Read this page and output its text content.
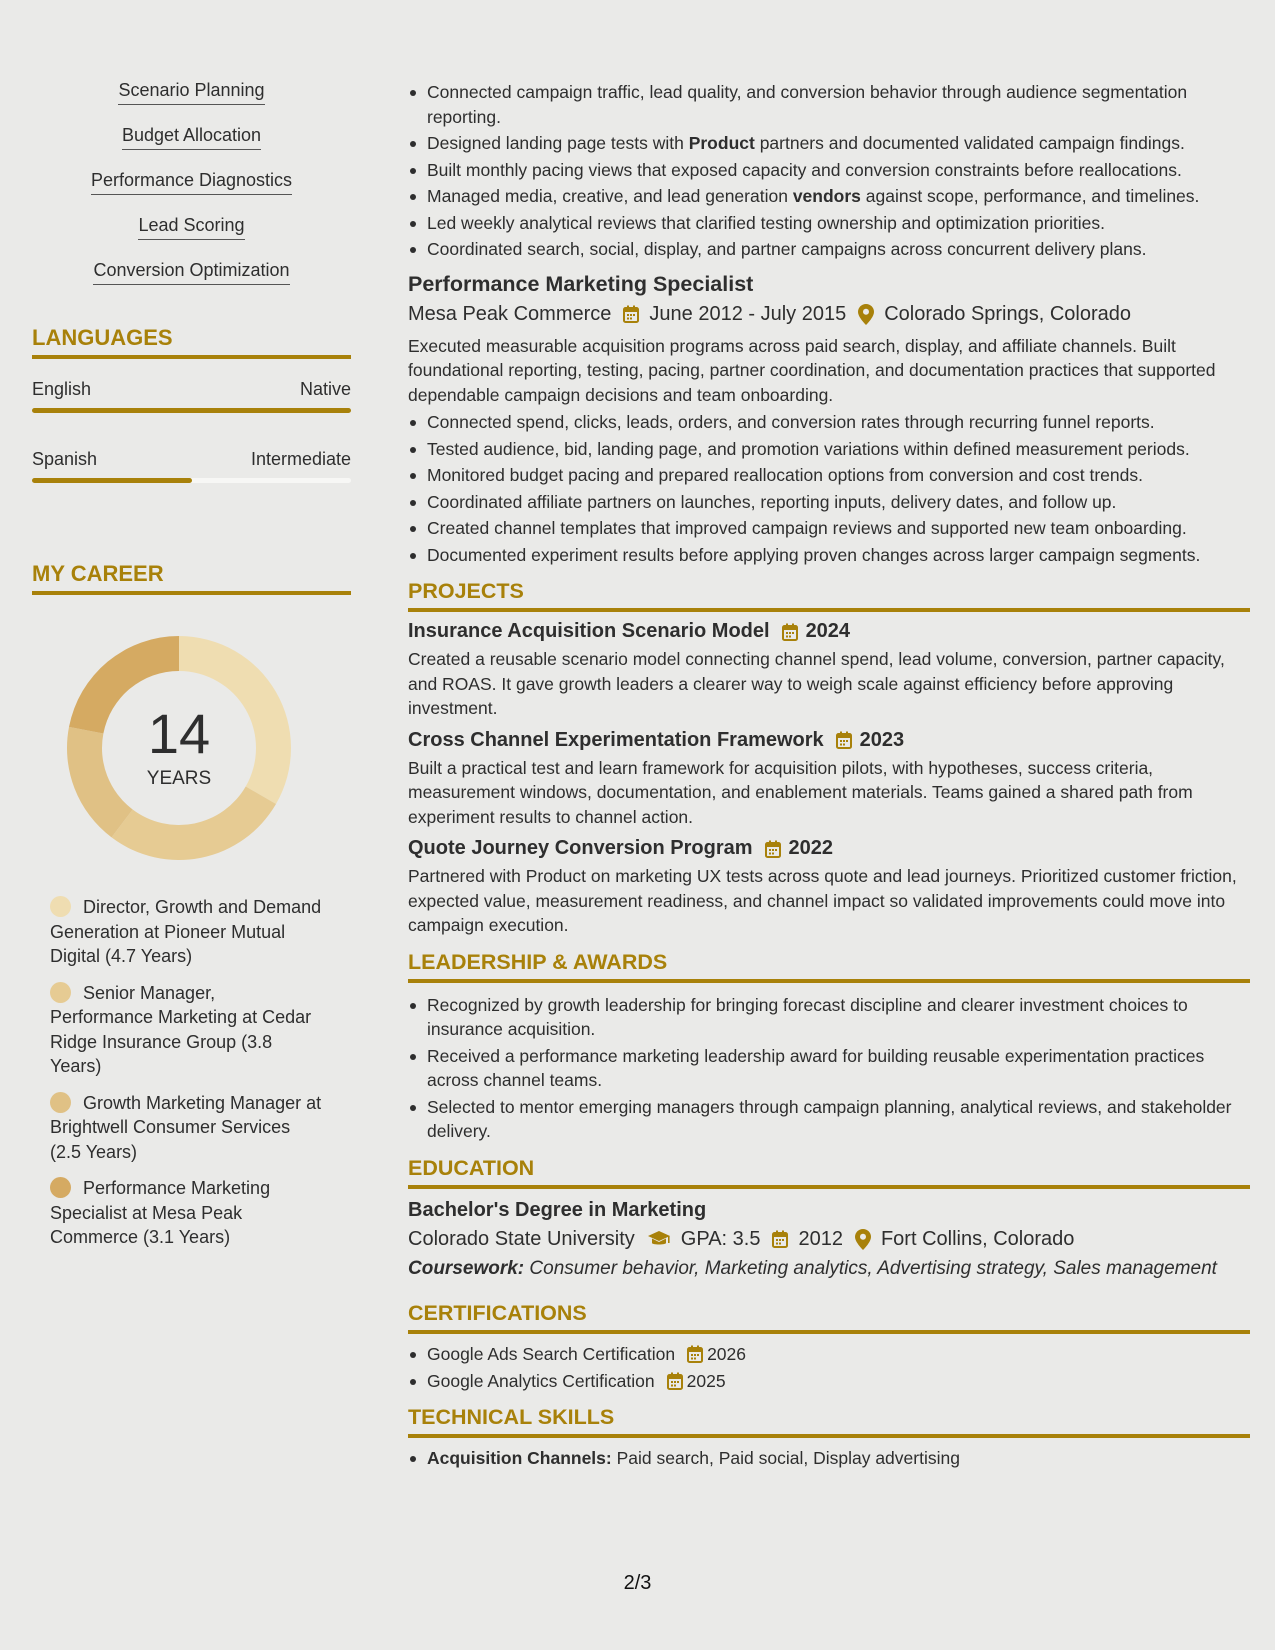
Scenario Planning
Budget Allocation
Performance Diagnostics
Lead Scoring
Conversion Optimization
LANGUAGES
English	Native
Spanish	Intermediate
MY CAREER
14
YEARS
Director, Growth and Demand Generation at Pioneer Mutual Digital (4.7 Years)
Senior Manager, Performance Marketing at Cedar Ridge Insurance Group (3.8 Years)
Growth Marketing Manager at Brightwell Consumer Services (2.5 Years)
Performance Marketing Specialist at Mesa Peak Commerce (3.1 Years)
Connected campaign traffic, lead quality, and conversion behavior through audience segmentation reporting.
Designed landing page tests with Product partners and documented validated campaign findings.
Built monthly pacing views that exposed capacity and conversion constraints before reallocations.
Managed media, creative, and lead generation vendors against scope, performance, and timelines.
Led weekly analytical reviews that clarified testing ownership and optimization priorities.
Coordinated search, social, display, and partner campaigns across concurrent delivery plans.
Performance Marketing Specialist
Mesa Peak Commerce June 2012 - July 2015 Colorado Springs, Colorado
Executed measurable acquisition programs across paid search, display, and affiliate channels. Built foundational reporting, testing, pacing, partner coordination, and documentation practices that supported dependable campaign decisions and team onboarding.
Connected spend, clicks, leads, orders, and conversion rates through recurring funnel reports.
Tested audience, bid, landing page, and promotion variations within defined measurement periods.
Monitored budget pacing and prepared reallocation options from conversion and cost trends.
Coordinated affiliate partners on launches, reporting inputs, delivery dates, and follow up.
Created channel templates that improved campaign reviews and supported new team onboarding.
Documented experiment results before applying proven changes across larger campaign segments.
PROJECTS
Insurance Acquisition Scenario Model 2024
Created a reusable scenario model connecting channel spend, lead volume, conversion, partner capacity, and ROAS. It gave growth leaders a clearer way to weigh scale against efficiency before approving investment.
Cross Channel Experimentation Framework 2023
Built a practical test and learn framework for acquisition pilots, with hypotheses, success criteria, measurement windows, documentation, and enablement materials. Teams gained a shared path from experiment results to channel action.
Quote Journey Conversion Program 2022
Partnered with Product on marketing UX tests across quote and lead journeys. Prioritized customer friction, expected value, measurement readiness, and channel impact so validated improvements could move into campaign execution.
LEADERSHIP & AWARDS
Recognized by growth leadership for bringing forecast discipline and clearer investment choices to insurance acquisition.
Received a performance marketing leadership award for building reusable experimentation practices across channel teams.
Selected to mentor emerging managers through campaign planning, analytical reviews, and stakeholder delivery.
EDUCATION
Bachelor's Degree in Marketing
Colorado State University GPA: 3.5 2012 Fort Collins, Colorado
Coursework: Consumer behavior, Marketing analytics, Advertising strategy, Sales management
CERTIFICATIONS
Google Ads Search Certification 2026
Google Analytics Certification 2025
TECHNICAL SKILLS
Acquisition Channels: Paid search, Paid social, Display advertising
2/3
